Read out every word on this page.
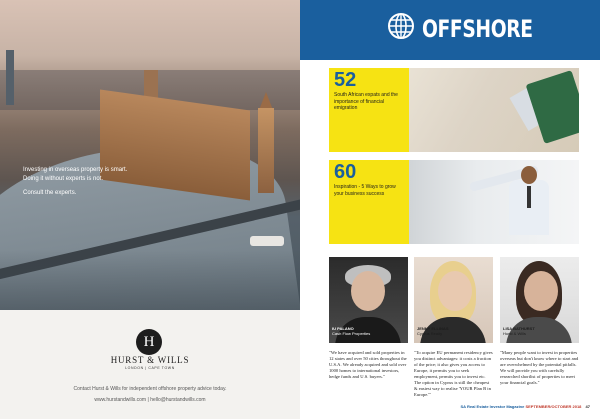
Investing in overseas property is smart. Doing it without experts is not.

Consult the experts.

H
HURST & WILLS
LONDON | CAPE TOWN
Contact Hurst & Wills for independent offshore property advice today.
www.hurstandwills.com | hello@hurstandwills.com
OFFSHORE
52
South African expats and the importance of financial emigration
60
Inspiration - 5 Ways to grow your business success
IU PALANO
Cash Flow Properties
JENNY ELLINAS
Cyprus Realty
LISA BATHURST
Hurst & Wills
"We have acquired and sold properties in 12 states and over 50 cities throughout the U.S.A. We already acquired and sold over 1000 homes to international investors, hedge funds and U.S. buyers."
"To acquire EU permanent residency gives you distinct advantages: it costs a fraction of the price; it also gives you access to Europe, it permits you to seek employment, permits you to invest etc. The option in Cyprus is still the cheapest & easiest way to realise 'YOUR Plan B in Europe.'"
"Many people want to invest in properties overseas but don't know where to start and are overwhelmed by the potential pitfalls. We will provide you with carefully researched shortlist of properties to meet your financial goals."
SA Real Estate Investor Magazine SEPTEMBER/OCTOBER 2018 47
